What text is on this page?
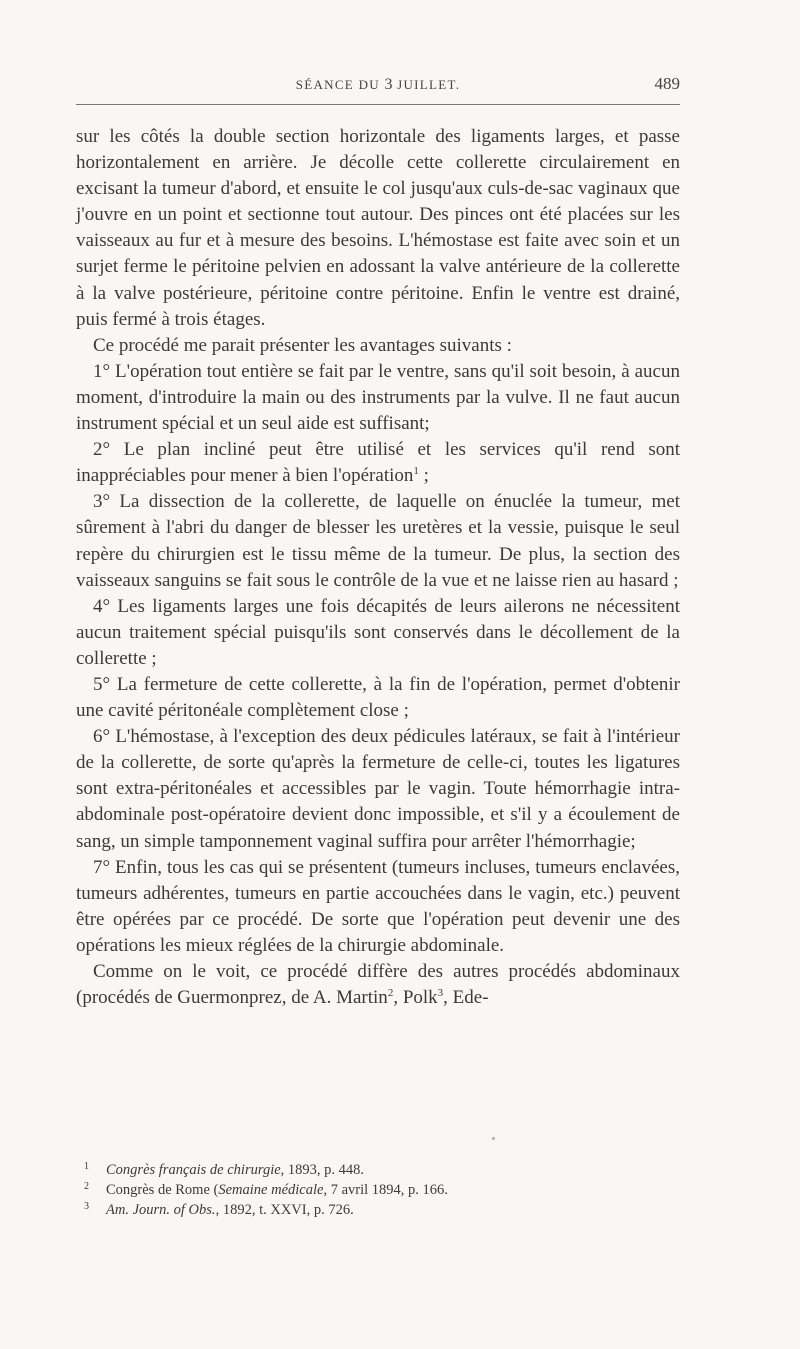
SÉANCE DU 3 JUILLET.	489

sur les côtés la double section horizontale des ligaments larges, et passe horizontalement en arrière. Je décolle cette collerette circulairement en excisant la tumeur d'abord, et ensuite le col jusqu'aux culs-de-sac vaginaux que j'ouvre en un point et sectionne tout autour. Des pinces ont été placées sur les vaisseaux au fur et à mesure des besoins. L'hémostase est faite avec soin et un surjet ferme le péritoine pelvien en adossant la valve antérieure de la collerette à la valve postérieure, péritoine contre péritoine. Enfin le ventre est drainé, puis fermé à trois étages.

Ce procédé me parait présenter les avantages suivants :

1° L'opération tout entière se fait par le ventre, sans qu'il soit besoin, à aucun moment, d'introduire la main ou des instruments par la vulve. Il ne faut aucun instrument spécial et un seul aide est suffisant;

2° Le plan incliné peut être utilisé et les services qu'il rend sont inappréciables pour mener à bien l'opération$^1$ ;

3° La dissection de la collerette, de laquelle on énuclée la tumeur, met sûrement à l'abri du danger de blesser les uretères et la vessie, puisque le seul repère du chirurgien est le tissu même de la tumeur. De plus, la section des vaisseaux sanguins se fait sous le contrôle de la vue et ne laisse rien au hasard ;

4° Les ligaments larges une fois décapités de leurs ailerons ne nécessitent aucun traitement spécial puisqu'ils sont conservés dans le décollement de la collerette ;

5° La fermeture de cette collerette, à la fin de l'opération, permet d'obtenir une cavité péritonéale complètement close ;

6° L'hémostase, à l'exception des deux pédicules latéraux, se fait à l'intérieur de la collerette, de sorte qu'après la fermeture de celle-ci, toutes les ligatures sont extra-péritonéales et accessibles par le vagin. Toute hémorrhagie intra-abdominale post-opératoire devient donc impossible, et s'il y a écoulement de sang, un simple tamponnement vaginal suffira pour arrêter l'hémorrhagie;

7° Enfin, tous les cas qui se présentent (tumeurs incluses, tumeurs enclavées, tumeurs adhérentes, tumeurs en partie accouchées dans le vagin, etc.) peuvent être opérées par ce procédé. De sorte que l'opération peut devenir une des opérations les mieux réglées de la chirurgie abdominale.

Comme on le voit, ce procédé diffère des autres procédés abdominaux (procédés de Guermonprez, de A. Martin$^2$, Polk$^3$, Ede-

1 Congrès français de chirurgie, 1893, p. 448.
2 Congrès de Rome (Semaine médicale, 7 avril 1894, p. 166.
3 Am. Journ. of Obs., 1892, t. XXVI, p. 726.
